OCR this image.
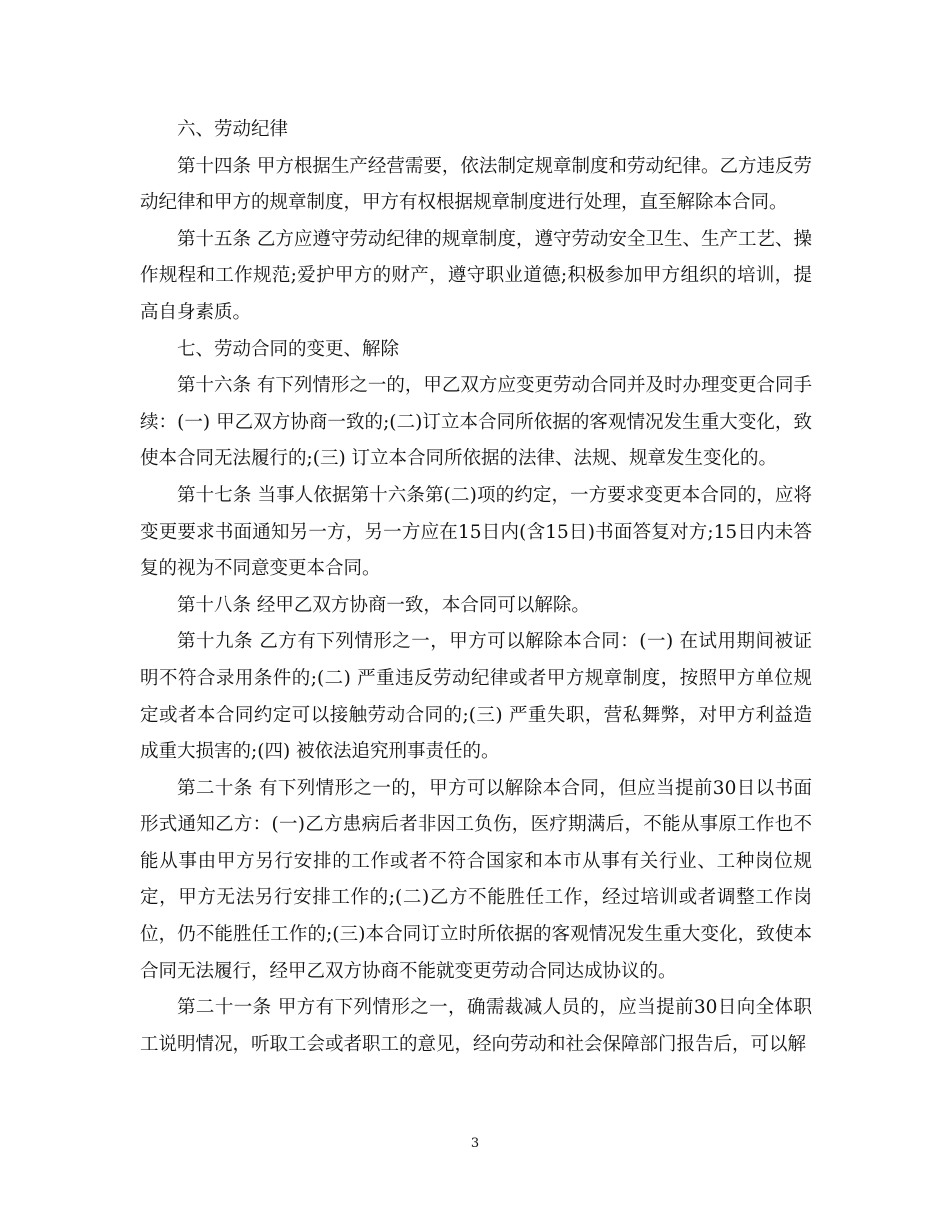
六、劳动纪律

第十四条 甲方根据生产经营需要，依法制定规章制度和劳动纪律。乙方违反劳动纪律和甲方的规章制度，甲方有权根据规章制度进行处理，直至解除本合同。

第十五条 乙方应遵守劳动纪律的规章制度，遵守劳动安全卫生、生产工艺、操作规程和工作规范;爱护甲方的财产，遵守职业道德;积极参加甲方组织的培训，提高自身素质。

七、劳动合同的变更、解除

第十六条 有下列情形之一的，甲乙双方应变更劳动合同并及时办理变更合同手续：(一) 甲乙双方协商一致的;(二)订立本合同所依据的客观情况发生重大变化，致使本合同无法履行的;(三) 订立本合同所依据的法律、法规、规章发生变化的。

第十七条 当事人依据第十六条第(二)项的约定，一方要求变更本合同的，应将变更要求书面通知另一方，另一方应在15日内(含15日)书面答复对方;15日内未答复的视为不同意变更本合同。

第十八条 经甲乙双方协商一致，本合同可以解除。

第十九条 乙方有下列情形之一，甲方可以解除本合同：(一) 在试用期间被证明不符合录用条件的;(二) 严重违反劳动纪律或者甲方规章制度，按照甲方单位规定或者本合同约定可以接触劳动合同的;(三) 严重失职，营私舞弊，对甲方利益造成重大损害的;(四) 被依法追究刑事责任的。

第二十条 有下列情形之一的，甲方可以解除本合同，但应当提前30日以书面形式通知乙方：(一)乙方患病后者非因工负伤，医疗期满后，不能从事原工作也不能从事由甲方另行安排的工作或者不符合国家和本市从事有关行业、工种岗位规定，甲方无法另行安排工作的;(二)乙方不能胜任工作，经过培训或者调整工作岗位，仍不能胜任工作的;(三)本合同订立时所依据的客观情况发生重大变化，致使本合同无法履行，经甲乙双方协商不能就变更劳动合同达成协议的。

第二十一条 甲方有下列情形之一，确需裁减人员的，应当提前30日向全体职工说明情况，听取工会或者职工的意见，经向劳动和社会保障部门报告后，可以解

3
